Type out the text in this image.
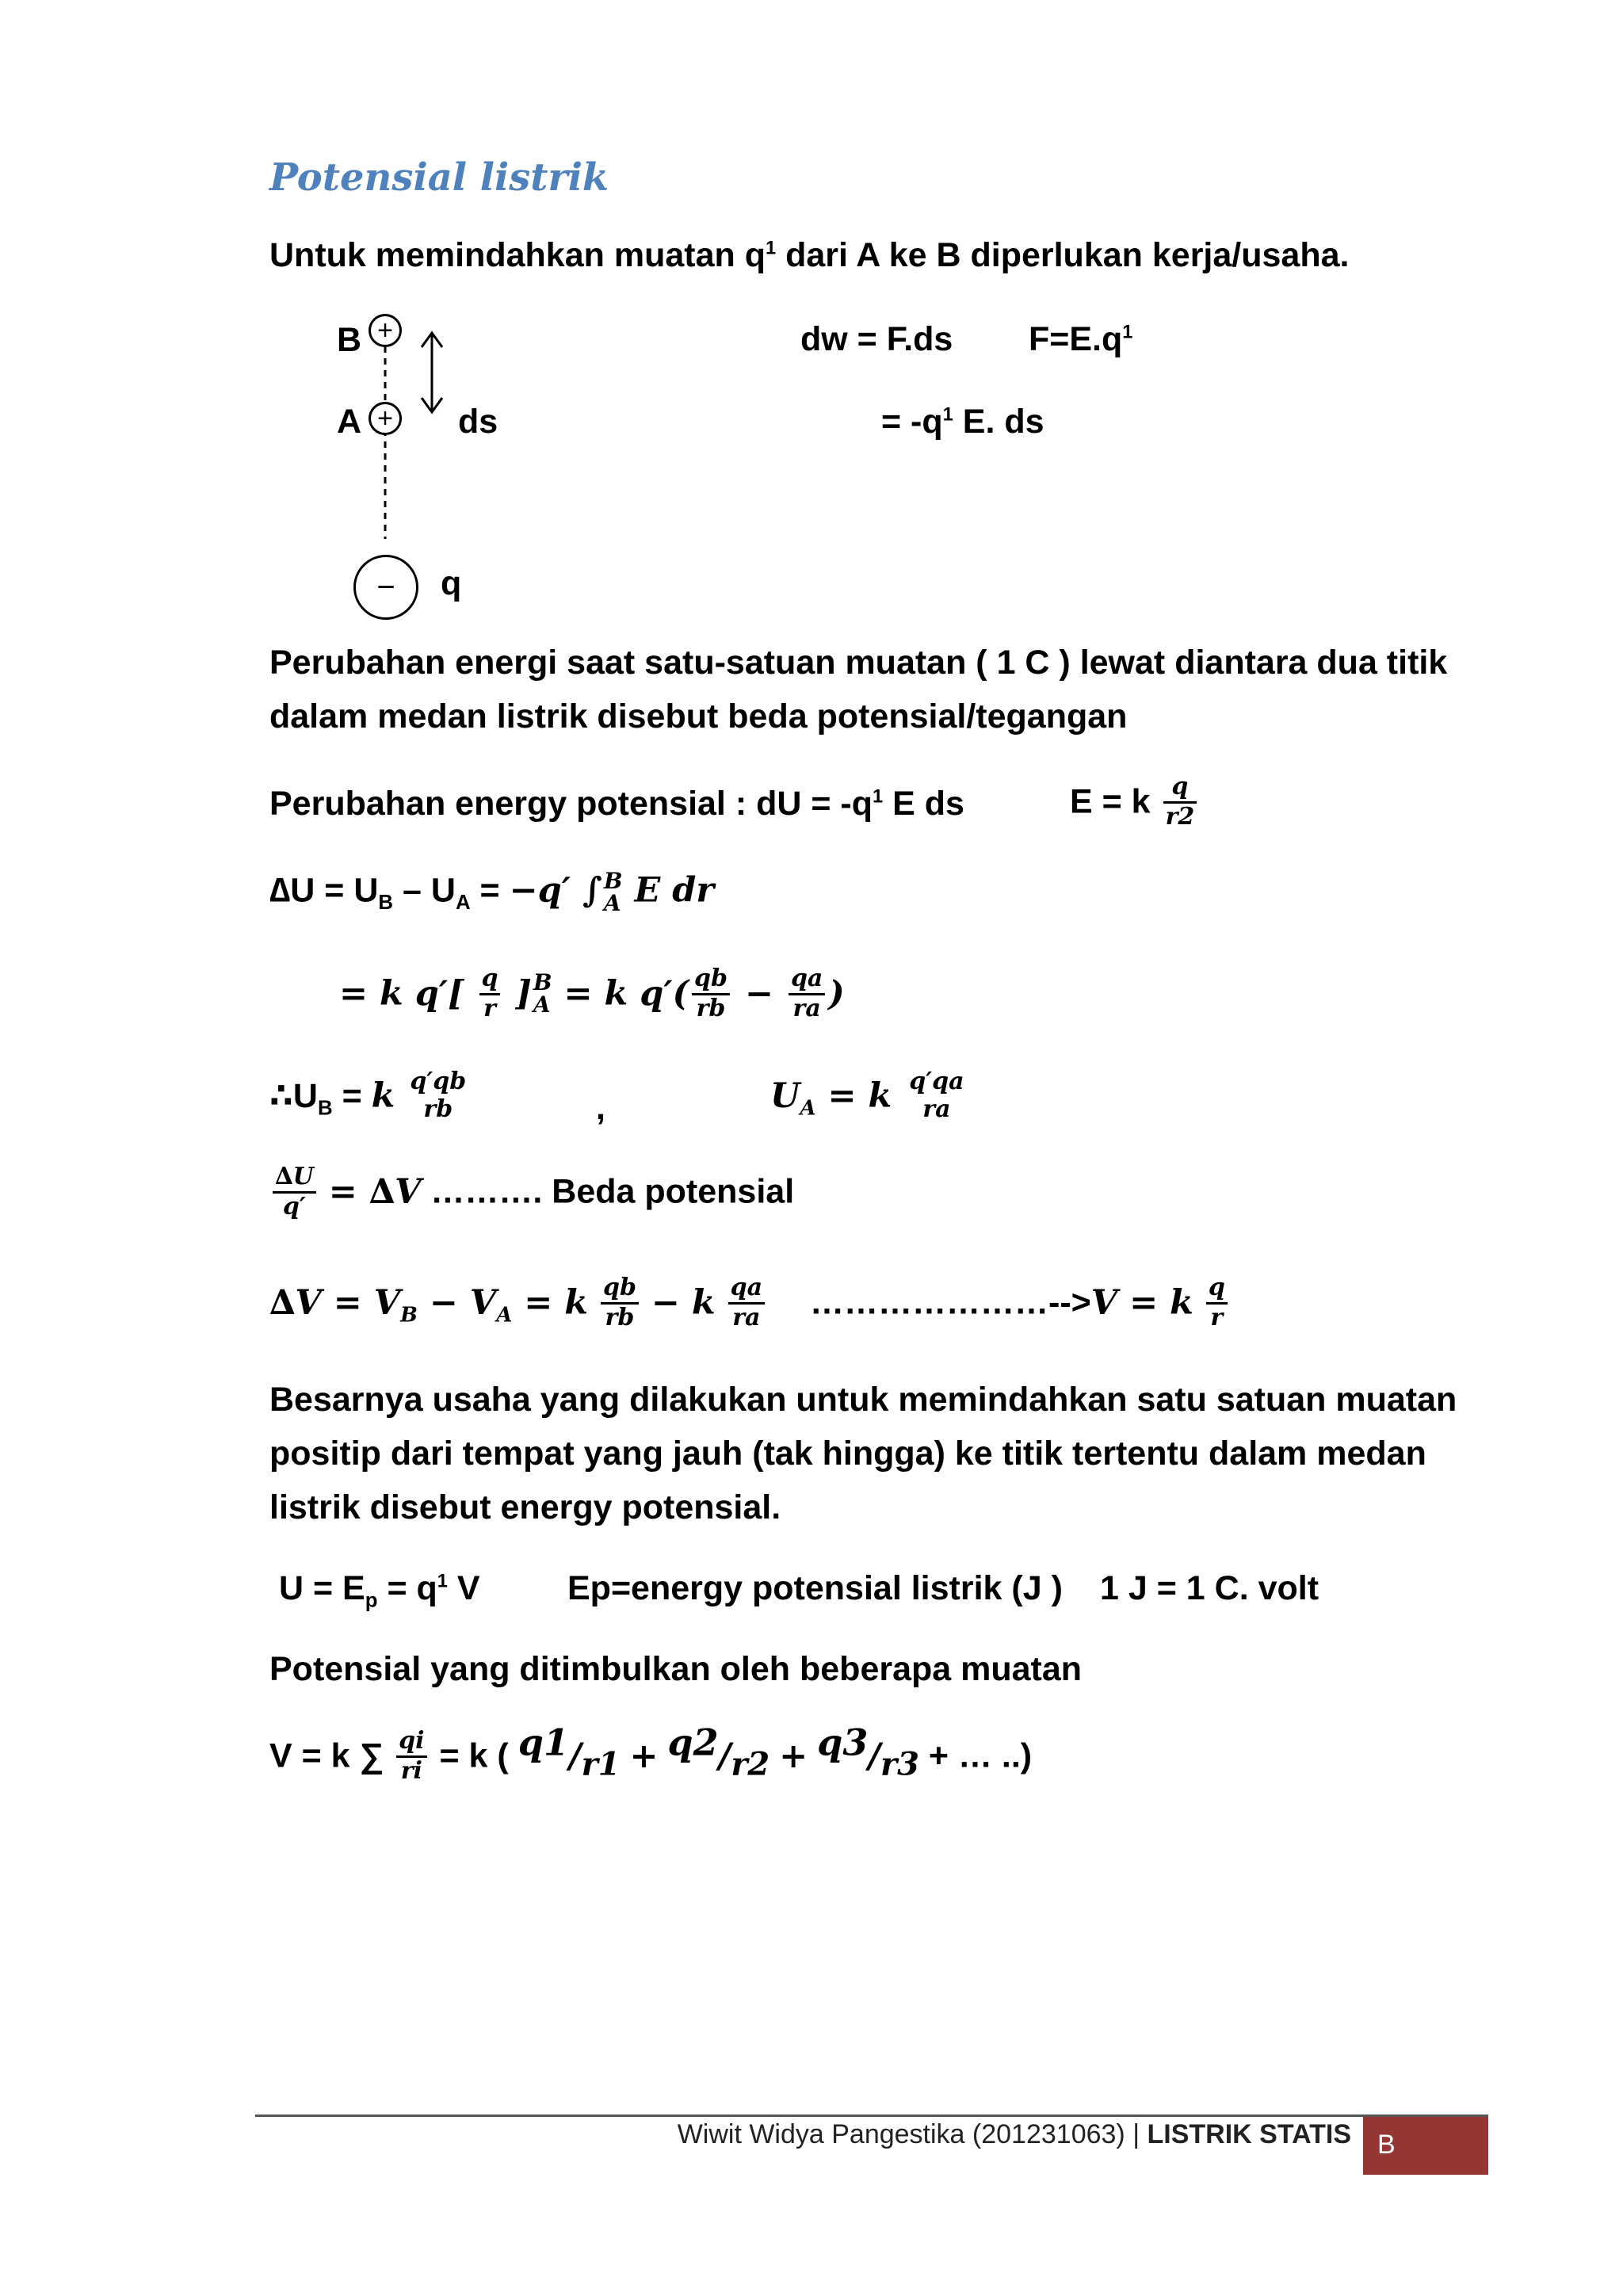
Potensial listrik
Untuk memindahkan muatan $q^1$ dari A ke B diperlukan kerja/usaha.
B +
A + ds
− q
dw = F.ds $F=E.q^1$
= $-q^1$ E. ds
Perubahan energi saat satu-satuan muatan ( 1 C ) lewat diantara dua titik
dalam medan listrik disebut beda potensial/tegangan
Perubahan energy potensial : dU = $-q^1$ E ds	E = k $\frac{q}{r2}$
$\Delta U = U_B - U_A = -q'$ ∫ B
A E dr
= k $q'[ \frac{q}{r}$ ] B
A = k $q'( \frac{qb}{rb} - \frac{qa}{ra}$ )
$\therefore U_B = k$ q′qb
rb	,	$U_A = k$ q′qa
ra
$\frac{\Delta U}{q'} = \Delta V$ ………. Beda potensial
$\Delta V = V_B - V_A = k \frac{qb}{rb} - k \frac{qa}{ra}$ …………………-->V = k $\frac{q}{r}$
Besarnya usaha yang dilakukan untuk memindahkan satu satuan muatan
positip dari tempat yang jauh (tak hingga) ke titik tertentu dalam medan
listrik disebut energy potensial.
$U = E_p = q^1$ V	Ep=energy potensial listrik (J ) 1 J = 1 C. volt
Potensial yang ditimbulkan oleh beberapa muatan
V = k ∑ $\frac{qi}{ri} = k$ ( q1/r1 + q2/r2 + q3/r3 + … ..)
Wiwit Widya Pangestika (201231063) | LISTRIK STATIS B
